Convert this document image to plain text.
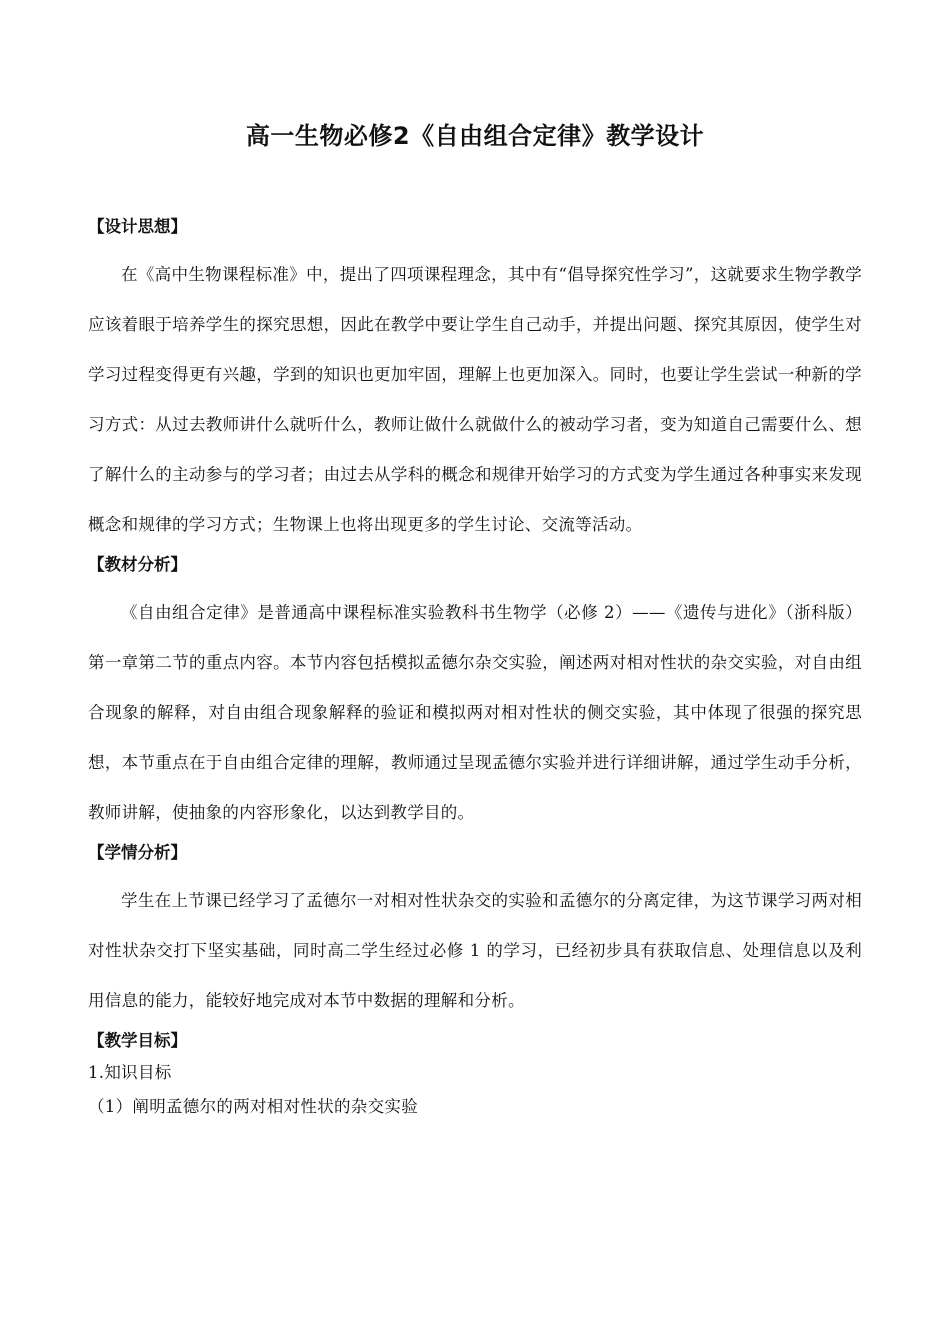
高一生物必修2《自由组合定律》教学设计

【设计思想】

在《高中生物课程标准》中，提出了四项课程理念，其中有“倡导探究性学习”，这就要求生物学教学应该着眼于培养学生的探究思想，因此在教学中要让学生自己动手，并提出问题、探究其原因，使学生对学习过程变得更有兴趣，学到的知识也更加牢固，理解上也更加深入。同时，也要让学生尝试一种新的学习方式：从过去教师讲什么就听什么，教师让做什么就做什么的被动学习者，变为知道自己需要什么、想了解什么的主动参与的学习者；由过去从学科的概念和规律开始学习的方式变为学生通过各种事实来发现概念和规律的学习方式；生物课上也将出现更多的学生讨论、交流等活动。

【教材分析】

《自由组合定律》是普通高中课程标准实验教科书生物学（必修 2）——《遗传与进化》（浙科版）第一章第二节的重点内容。本节内容包括模拟孟德尔杂交实验，阐述两对相对性状的杂交实验，对自由组合现象的解释，对自由组合现象解释的验证和模拟两对相对性状的侧交实验，其中体现了很强的探究思想，本节重点在于自由组合定律的理解，教师通过呈现孟德尔实验并进行详细讲解，通过学生动手分析，教师讲解，使抽象的内容形象化，以达到教学目的。

【学情分析】

学生在上节课已经学习了孟德尔一对相对性状杂交的实验和孟德尔的分离定律，为这节课学习两对相对性状杂交打下坚实基础，同时高二学生经过必修 1 的学习，已经初步具有获取信息、处理信息以及利用信息的能力，能较好地完成对本节中数据的理解和分析。

【教学目标】

1.知识目标

（1）阐明孟德尔的两对相对性状的杂交实验
